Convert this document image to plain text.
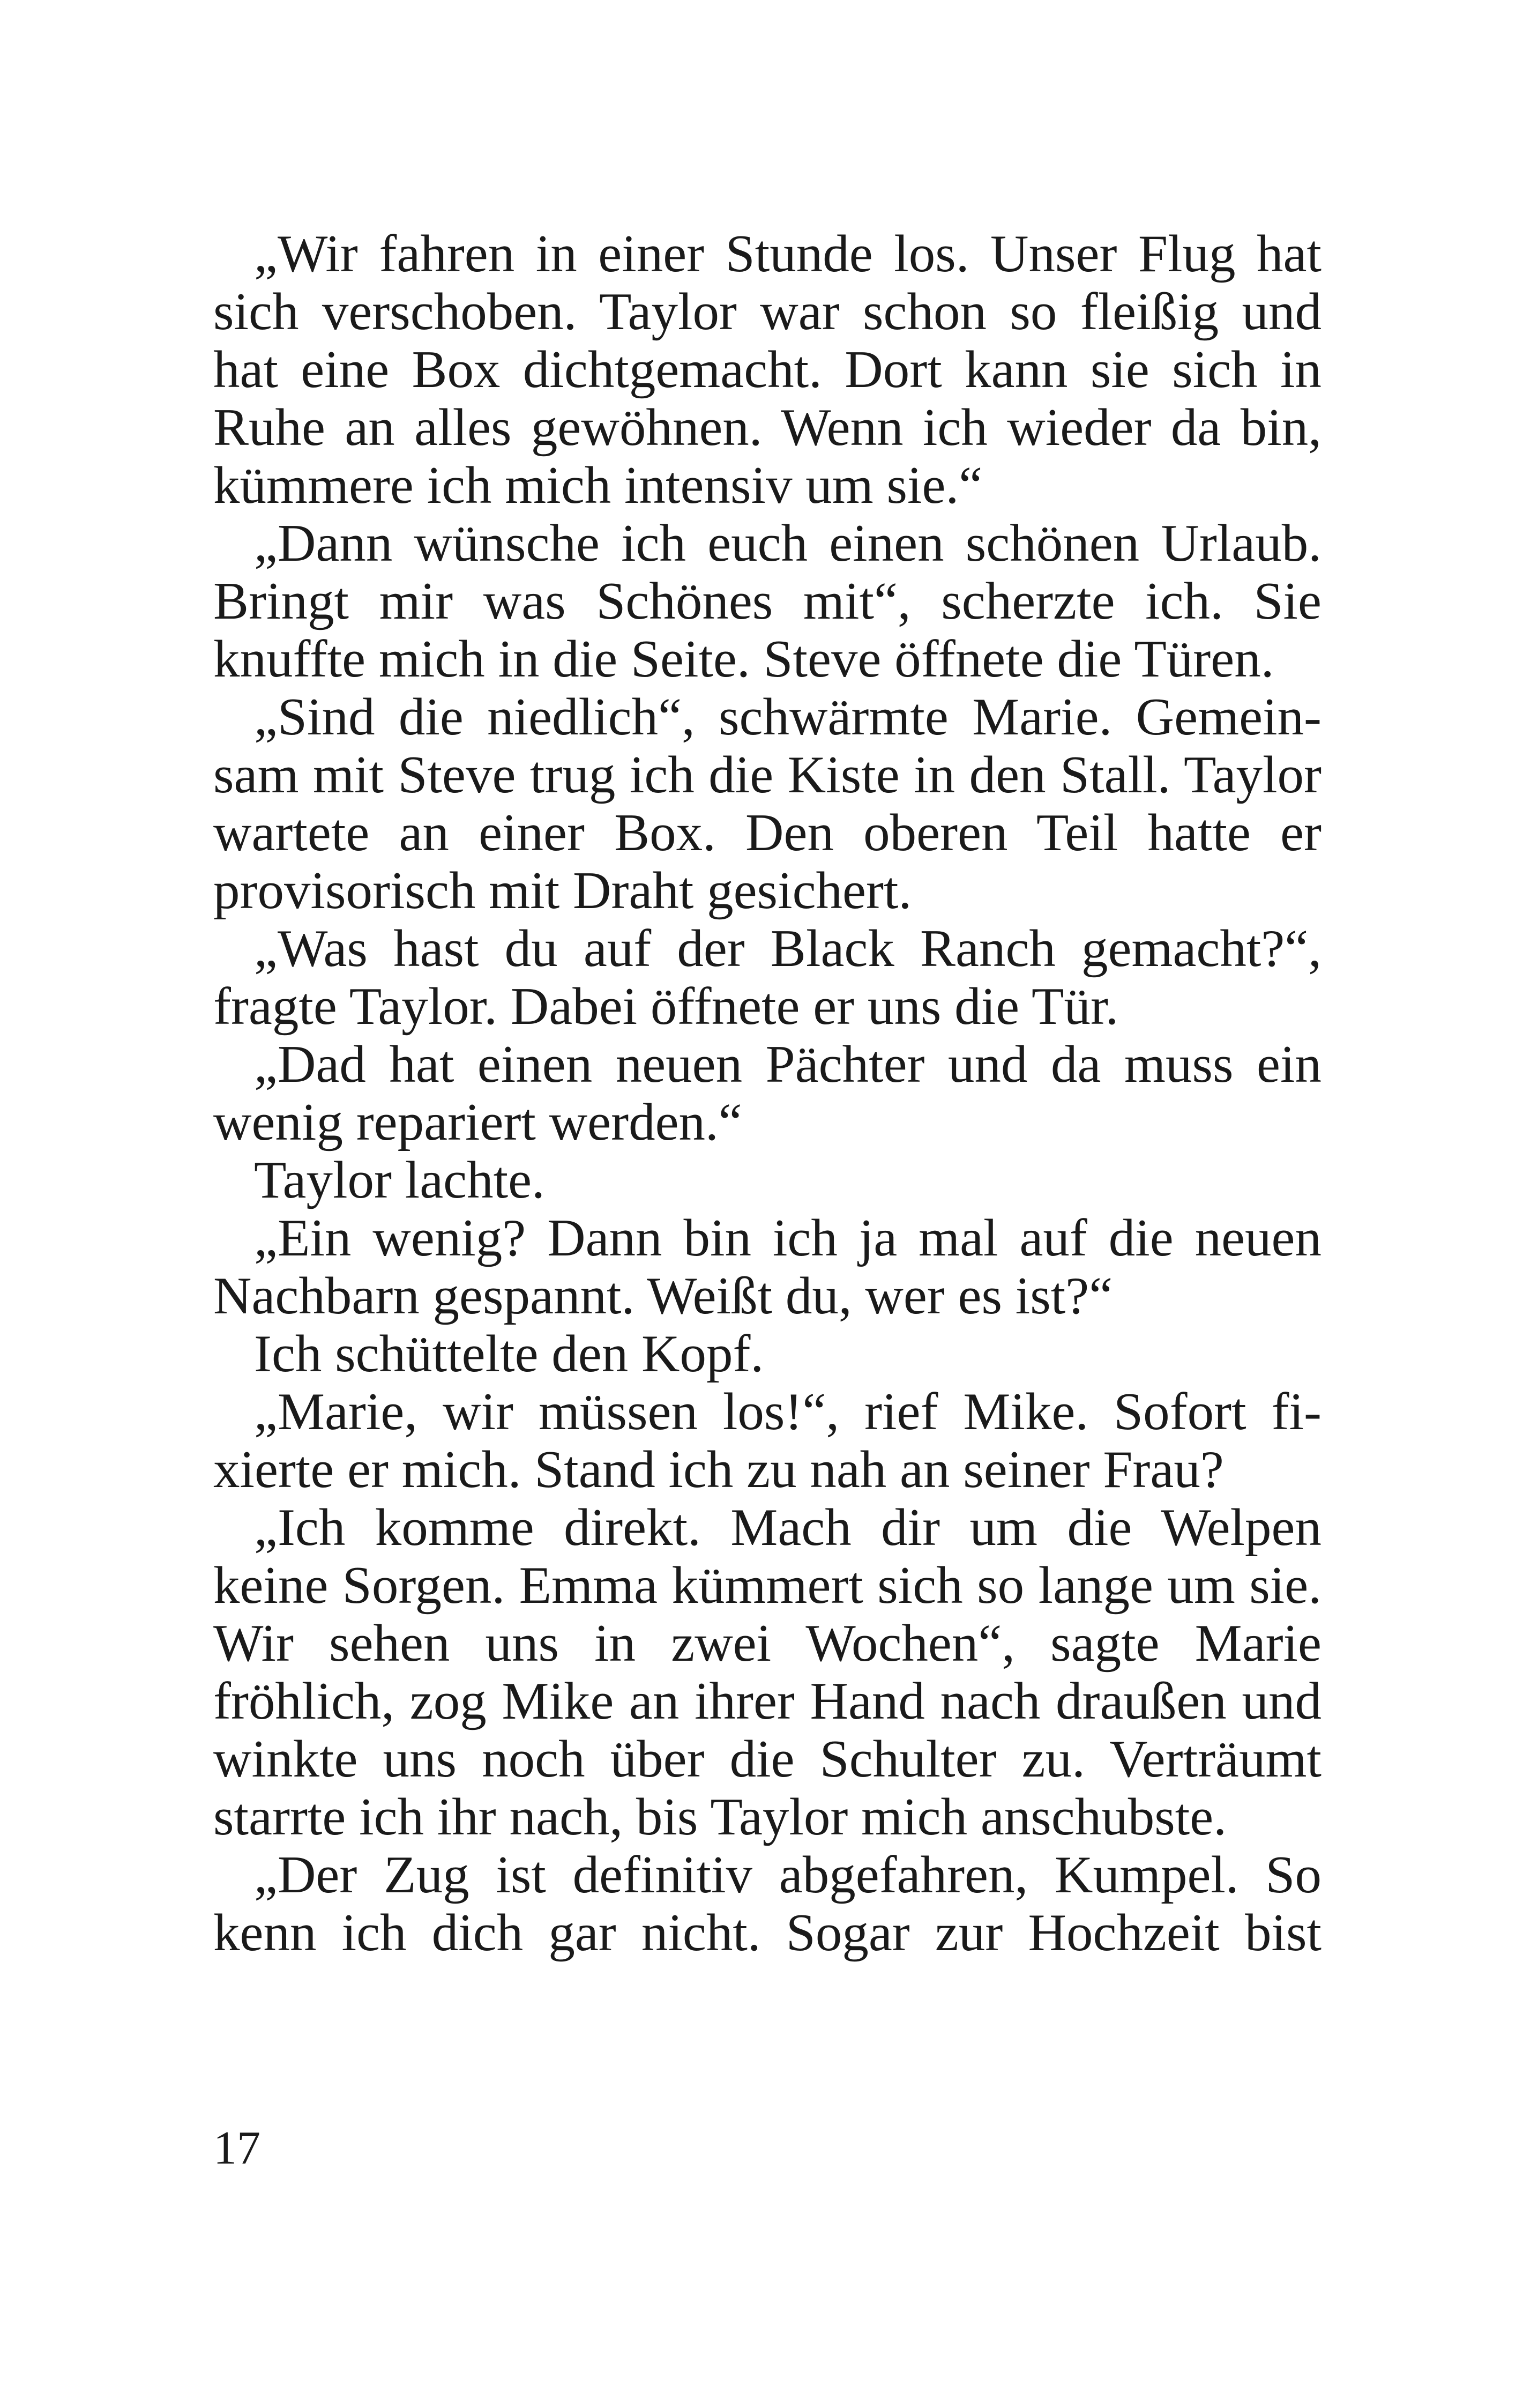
„Wir fahren in einer Stunde los. Unser Flug hat sich verschoben. Taylor war schon so fleißig und hat eine Box dichtgemacht. Dort kann sie sich in Ruhe an alles gewöhnen. Wenn ich wieder da bin, kümmere ich mich intensiv um sie.“

„Dann wünsche ich euch einen schönen Urlaub. Bringt mir was Schönes mit“, scherzte ich. Sie knuffte mich in die Seite. Steve öffnete die Türen.

„Sind die niedlich“, schwärmte Marie. Gemeinsam mit Steve trug ich die Kiste in den Stall. Taylor wartete an einer Box. Den oberen Teil hatte er provisorisch mit Draht gesichert.

„Was hast du auf der Black Ranch gemacht?“, fragte Taylor. Dabei öffnete er uns die Tür.

„Dad hat einen neuen Pächter und da muss ein wenig repariert werden.“

Taylor lachte.

„Ein wenig? Dann bin ich ja mal auf die neuen Nachbarn gespannt. Weißt du, wer es ist?“

Ich schüttelte den Kopf.

„Marie, wir müssen los!“, rief Mike. Sofort fixierte er mich. Stand ich zu nah an seiner Frau?

„Ich komme direkt. Mach dir um die Welpen keine Sorgen. Emma kümmert sich so lange um sie. Wir sehen uns in zwei Wochen“, sagte Marie fröhlich, zog Mike an ihrer Hand nach draußen und winkte uns noch über die Schulter zu. Verträumt starrte ich ihr nach, bis Taylor mich anschubste.

„Der Zug ist definitiv abgefahren, Kumpel. So kenn ich dich gar nicht. Sogar zur Hochzeit bist

17
